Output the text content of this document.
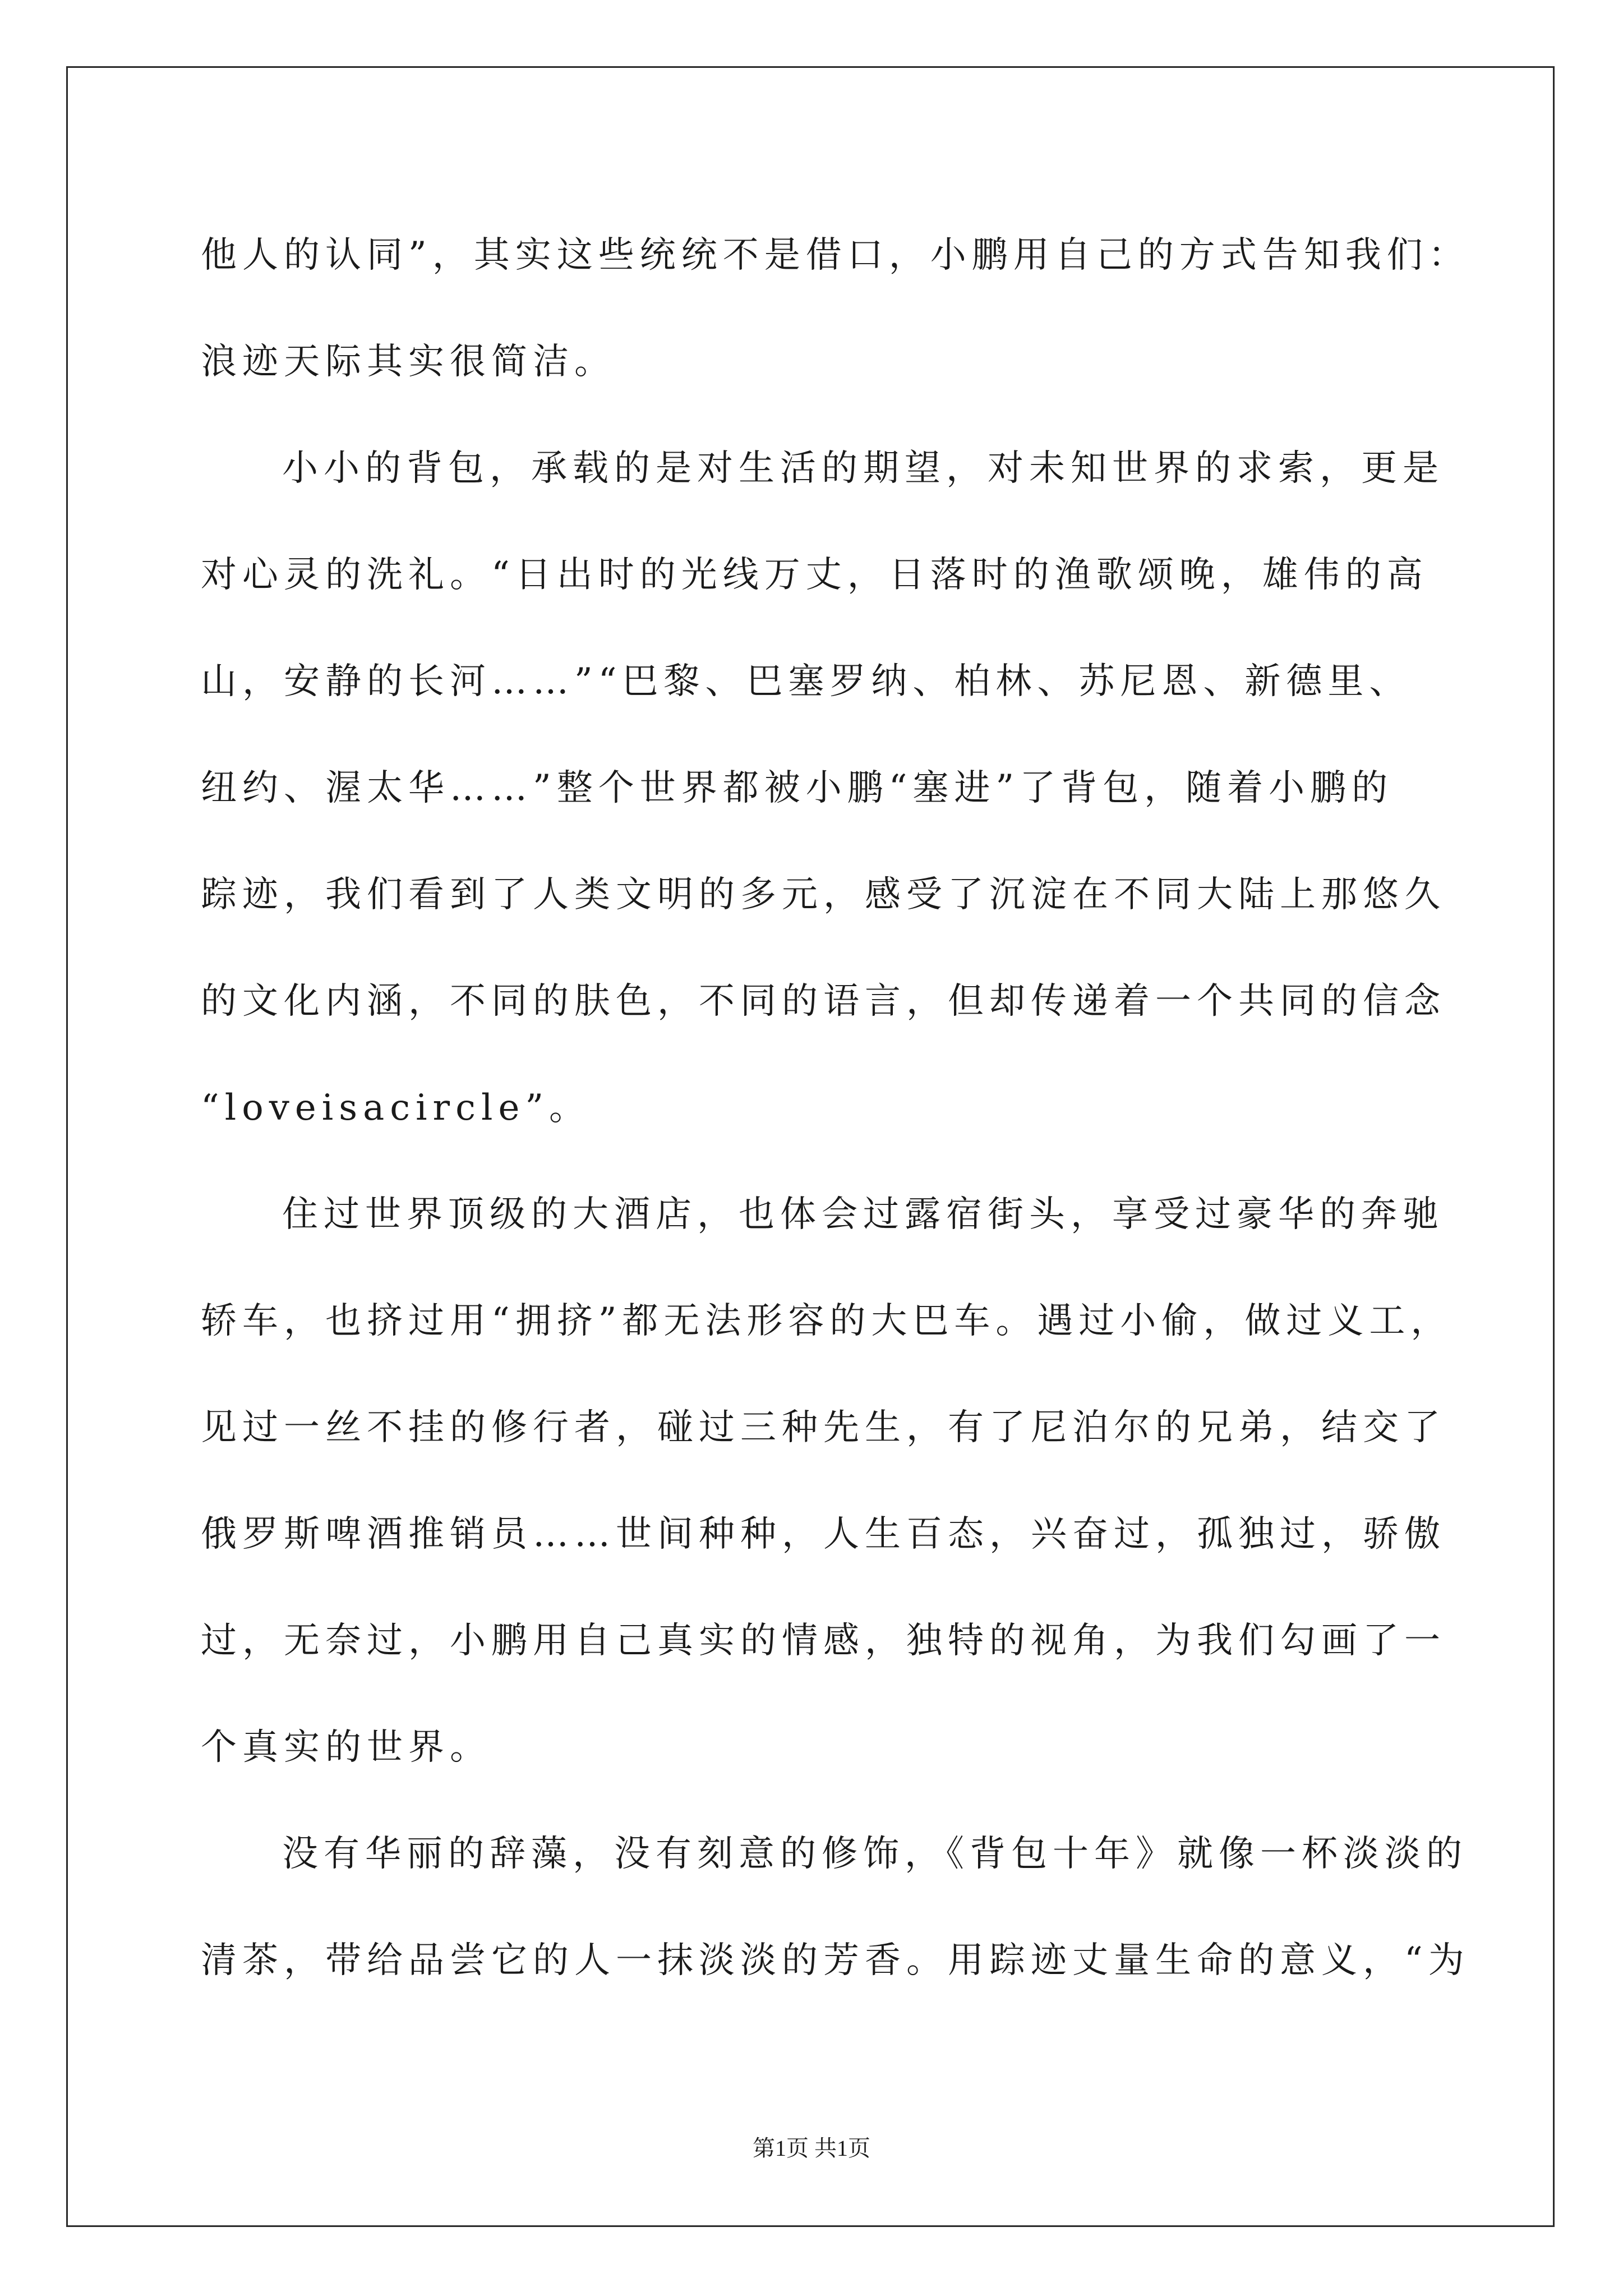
他人的认同”，其实这些统统不是借口，小鹏用自己的方式告知我们：
浪迹天际其实很简洁。
小小的背包，承载的是对生活的期望，对未知世界的求索，更是
对心灵的洗礼。“日出时的光线万丈，日落时的渔歌颂晚，雄伟的高
山，安静的长河……”“巴黎、巴塞罗纳、柏林、苏尼恩、新德里、
纽约、渥太华……”整个世界都被小鹏“塞进”了背包，随着小鹏的
踪迹，我们看到了人类文明的多元，感受了沉淀在不同大陆上那悠久
的文化内涵，不同的肤色，不同的语言，但却传递着一个共同的信念
“loveisacircle”。
住过世界顶级的大酒店，也体会过露宿街头，享受过豪华的奔驰
轿车，也挤过用“拥挤”都无法形容的大巴车。遇过小偷，做过义工，
见过一丝不挂的修行者，碰过三种先生，有了尼泊尔的兄弟，结交了
俄罗斯啤酒推销员……世间种种，人生百态，兴奋过，孤独过，骄傲
过，无奈过，小鹏用自己真实的情感，独特的视角，为我们勾画了一
个真实的世界。
没有华丽的辞藻，没有刻意的修饰，《背包十年》就像一杯淡淡的
清茶，带给品尝它的人一抹淡淡的芳香。用踪迹丈量生命的意义，“为
第1页 共1页
